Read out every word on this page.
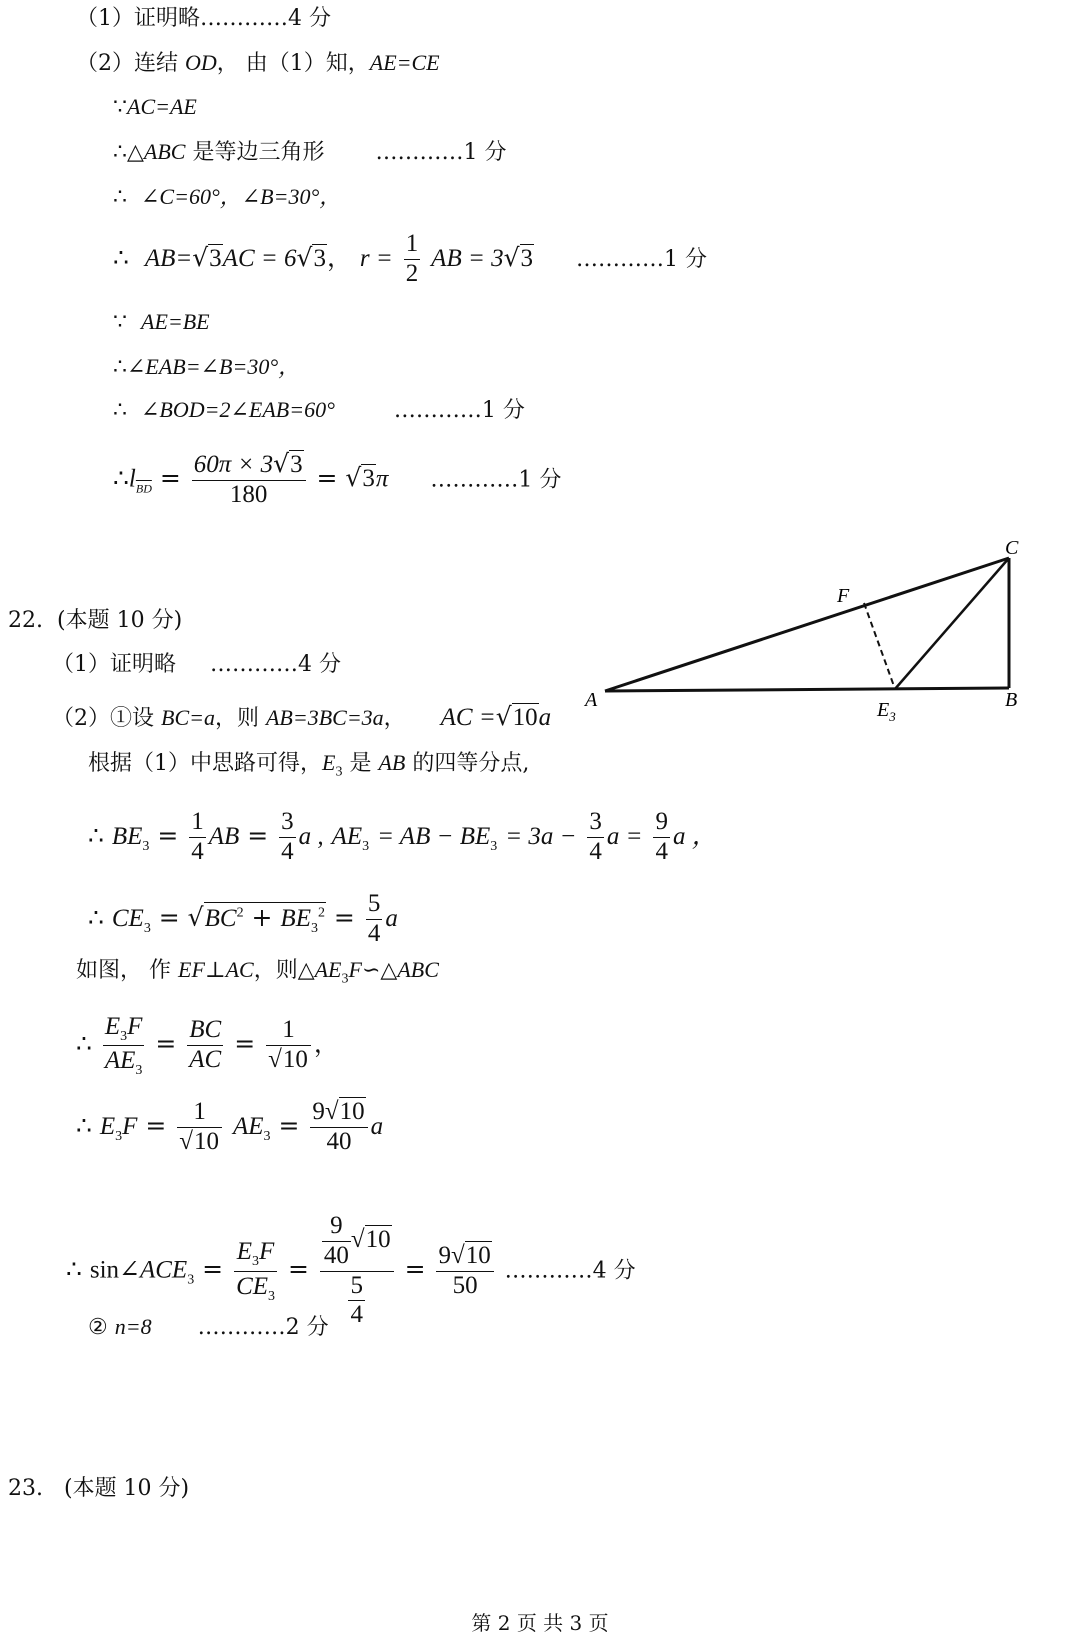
（1）证明略…………4 分
（2）连结 OD， 由（1）知，AE=CE
∵AC=AE
∴△ABC 是等边三角形 …………1 分
∴ ∠C=60°，∠B=30°，
∴ AB=√3AC = 6√3， $r = \frac{1}{2}$ AB = 3√3 …………1 分
∵ AE=BE
∴∠EAB=∠B=30°，
∴ ∠BOD=2∠EAB=60°	…………1 分
$\therefore l_{\overline{BD}} = \frac{60\pi \times 3√3}{180} = √3\pi$ …………1 分
22. (本题 10 分)
（1）证明略 …………4 分
（2）①设 BC=a，则 AB=3BC=3a， AC =√10a
根据（1）中思路可得，$E_3$ 是 AB 的四等分点,
∴ $BE_3 = \frac{1}{4}$ AB = $\frac{3}{4}$ a , $AE_3$ = AB − $BE_3 = 3a - \frac{3}{4}$ $a = \frac{9}{4}$ a ，
∴ $CE_3 = √BC^2 + BE_3^2 = \frac{5}{4}$ a
如图， 作 EF⊥AC，则$\triangle AE_3F∽\triangle ABC$
∴ $\frac{E_3F}{AE_3} = \frac{BC}{AC} = \frac{1}{√10}$ ，
∴ $E_3F = \frac{1}{√10} AE_3 = \frac{9√10}{40}$ a
∴ $\sin\angle ACE_3 = \frac{E_3F}{CE_3} = \frac{\frac{9}{40} √10}{\frac{5}{4}} = \frac{9√10}{50}$ …………4 分
② n=8 …………2 分
A	B
C
F
$E_3$
23. (本题 10 分)
第 2 页 共 3 页
